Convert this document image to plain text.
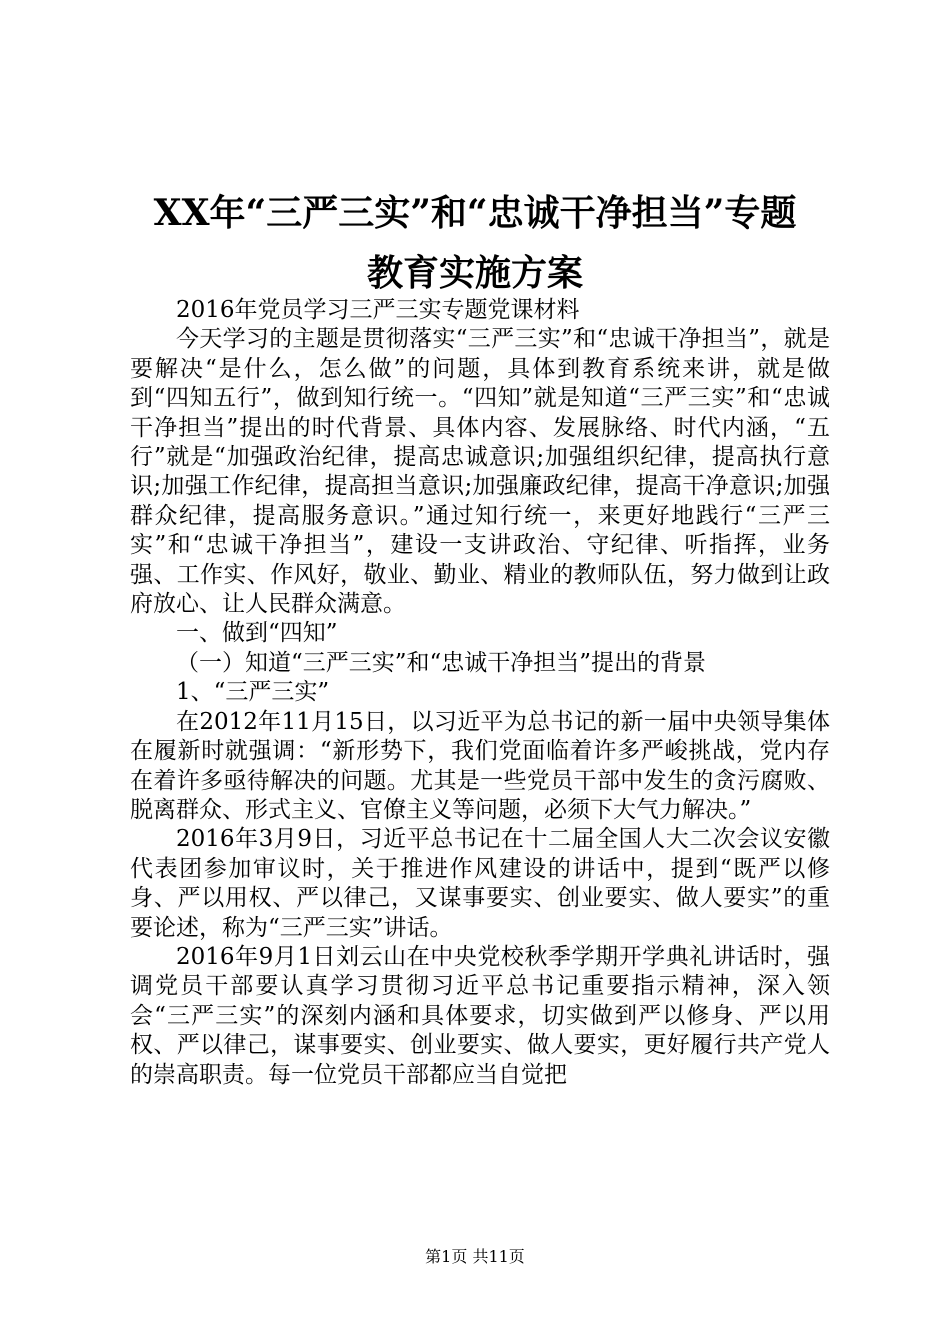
XX年“三严三实”和“忠诚干净担当”专题
教育实施方案

2016年党员学习三严三实专题党课材料

今天学习的主题是贯彻落实“三严三实”和“忠诚干净担当”，就是要解决“是什么，怎么做”的问题，具体到教育系统来讲，就是做到“四知五行”，做到知行统一。“四知”就是知道“三严三实”和“忠诚干净担当”提出的时代背景、具体内容、发展脉络、时代内涵，“五行”就是“加强政治纪律，提高忠诚意识;加强组织纪律，提高执行意识;加强工作纪律，提高担当意识;加强廉政纪律，提高干净意识;加强群众纪律，提高服务意识。”通过知行统一，来更好地践行“三严三实”和“忠诚干净担当”，建设一支讲政治、守纪律、听指挥，业务强、工作实、作风好，敬业、勤业、精业的教师队伍，努力做到让政府放心、让人民群众满意。

一、做到“四知”

（一）知道“三严三实”和“忠诚干净担当”提出的背景

1、“三严三实”

在2012年11月15日，以习近平为总书记的新一届中央领导集体在履新时就强调：“新形势下，我们党面临着许多严峻挑战，党内存在着许多亟待解决的问题。尤其是一些党员干部中发生的贪污腐败、脱离群众、形式主义、官僚主义等问题，必须下大气力解决。”

2016年3月9日，习近平总书记在十二届全国人大二次会议安徽代表团参加审议时，关于推进作风建设的讲话中，提到“既严以修身、严以用权、严以律己，又谋事要实、创业要实、做人要实”的重要论述，称为“三严三实”讲话。

2016年9月1日刘云山在中央党校秋季学期开学典礼讲话时，强调党员干部要认真学习贯彻习近平总书记重要指示精神，深入领会“三严三实”的深刻内涵和具体要求，切实做到严以修身、严以用权、严以律己，谋事要实、创业要实、做人要实，更好履行共产党人的崇高职责。每一位党员干部都应当自觉把

第1页 共11页
